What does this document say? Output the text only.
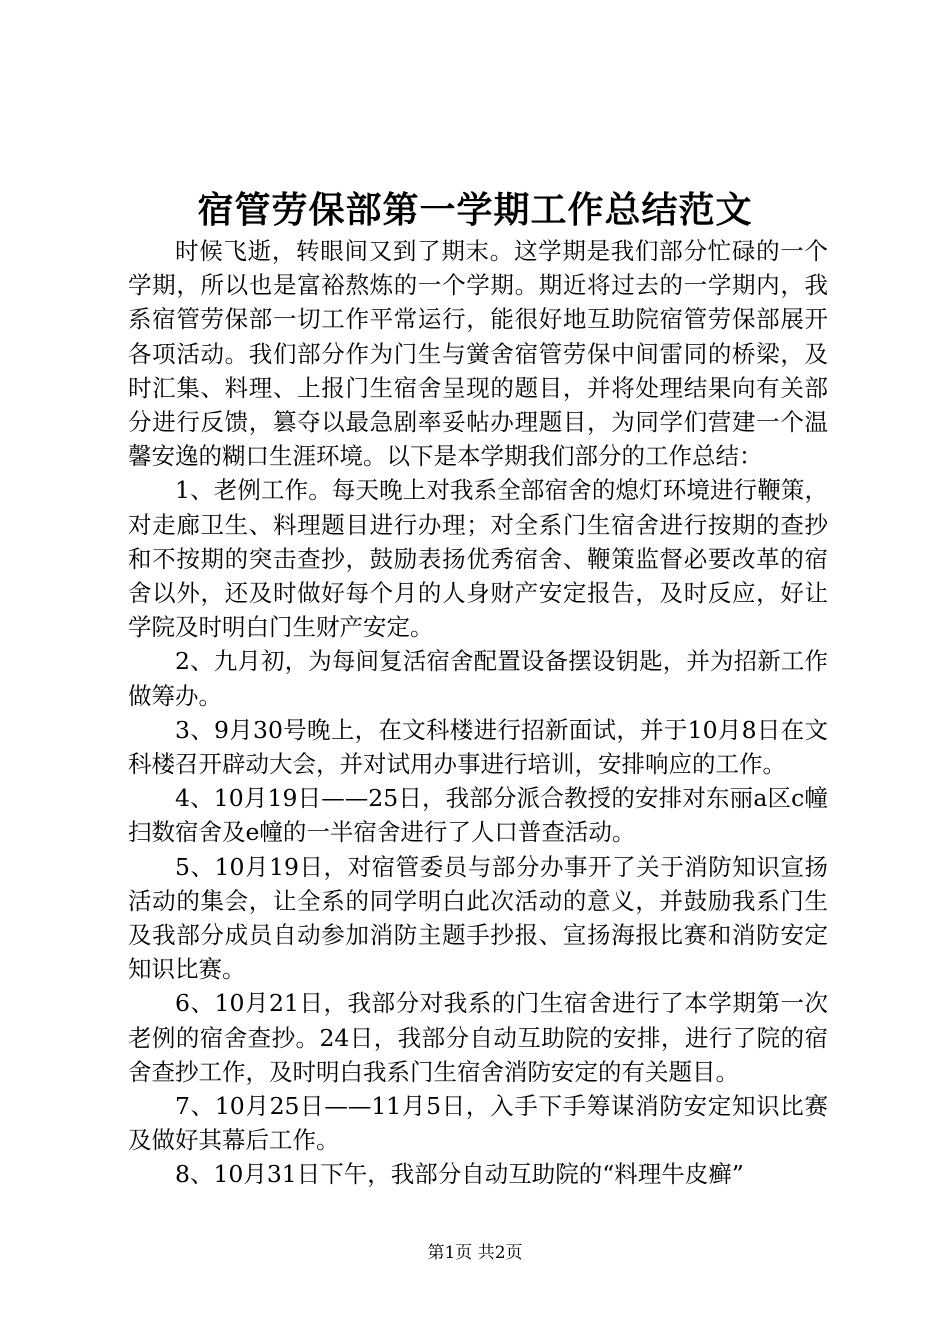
宿管劳保部第一学期工作总结范文

时候飞逝，转眼间又到了期末。这学期是我们部分忙碌的一个学期，所以也是富裕熬炼的一个学期。期近将过去的一学期内，我系宿管劳保部一切工作平常运行，能很好地互助院宿管劳保部展开各项活动。我们部分作为门生与黉舍宿管劳保中间雷同的桥梁，及时汇集、料理、上报门生宿舍呈现的题目，并将处理结果向有关部分进行反馈，篡夺以最急剧率妥帖办理题目，为同学们营建一个温馨安逸的糊口生涯环境。以下是本学期我们部分的工作总结：

1、老例工作。每天晚上对我系全部宿舍的熄灯环境进行鞭策，对走廊卫生、料理题目进行办理；对全系门生宿舍进行按期的查抄和不按期的突击查抄，鼓励表扬优秀宿舍、鞭策监督必要改革的宿舍以外，还及时做好每个月的人身财产安定报告，及时反应，好让学院及时明白门生财产安定。

2、九月初，为每间复活宿舍配置设备摆设钥匙，并为招新工作做筹办。

3、9月30号晚上，在文科楼进行招新面试，并于10月8日在文科楼召开辟动大会，并对试用办事进行培训，安排响应的工作。

4、10月19日——25日，我部分派合教授的安排对东丽a区c幢扫数宿舍及e幢的一半宿舍进行了人口普查活动。

5、10月19日，对宿管委员与部分办事开了关于消防知识宣扬活动的集会，让全系的同学明白此次活动的意义，并鼓励我系门生及我部分成员自动参加消防主题手抄报、宣扬海报比赛和消防安定知识比赛。

6、10月21日，我部分对我系的门生宿舍进行了本学期第一次老例的宿舍查抄。24日，我部分自动互助院的安排，进行了院的宿舍查抄工作，及时明白我系门生宿舍消防安定的有关题目。

7、10月25日——11月5日，入手下手筹谋消防安定知识比赛及做好其幕后工作。

8、10月31日下午，我部分自动互助院的“料理牛皮癣”

第1页 共2页
